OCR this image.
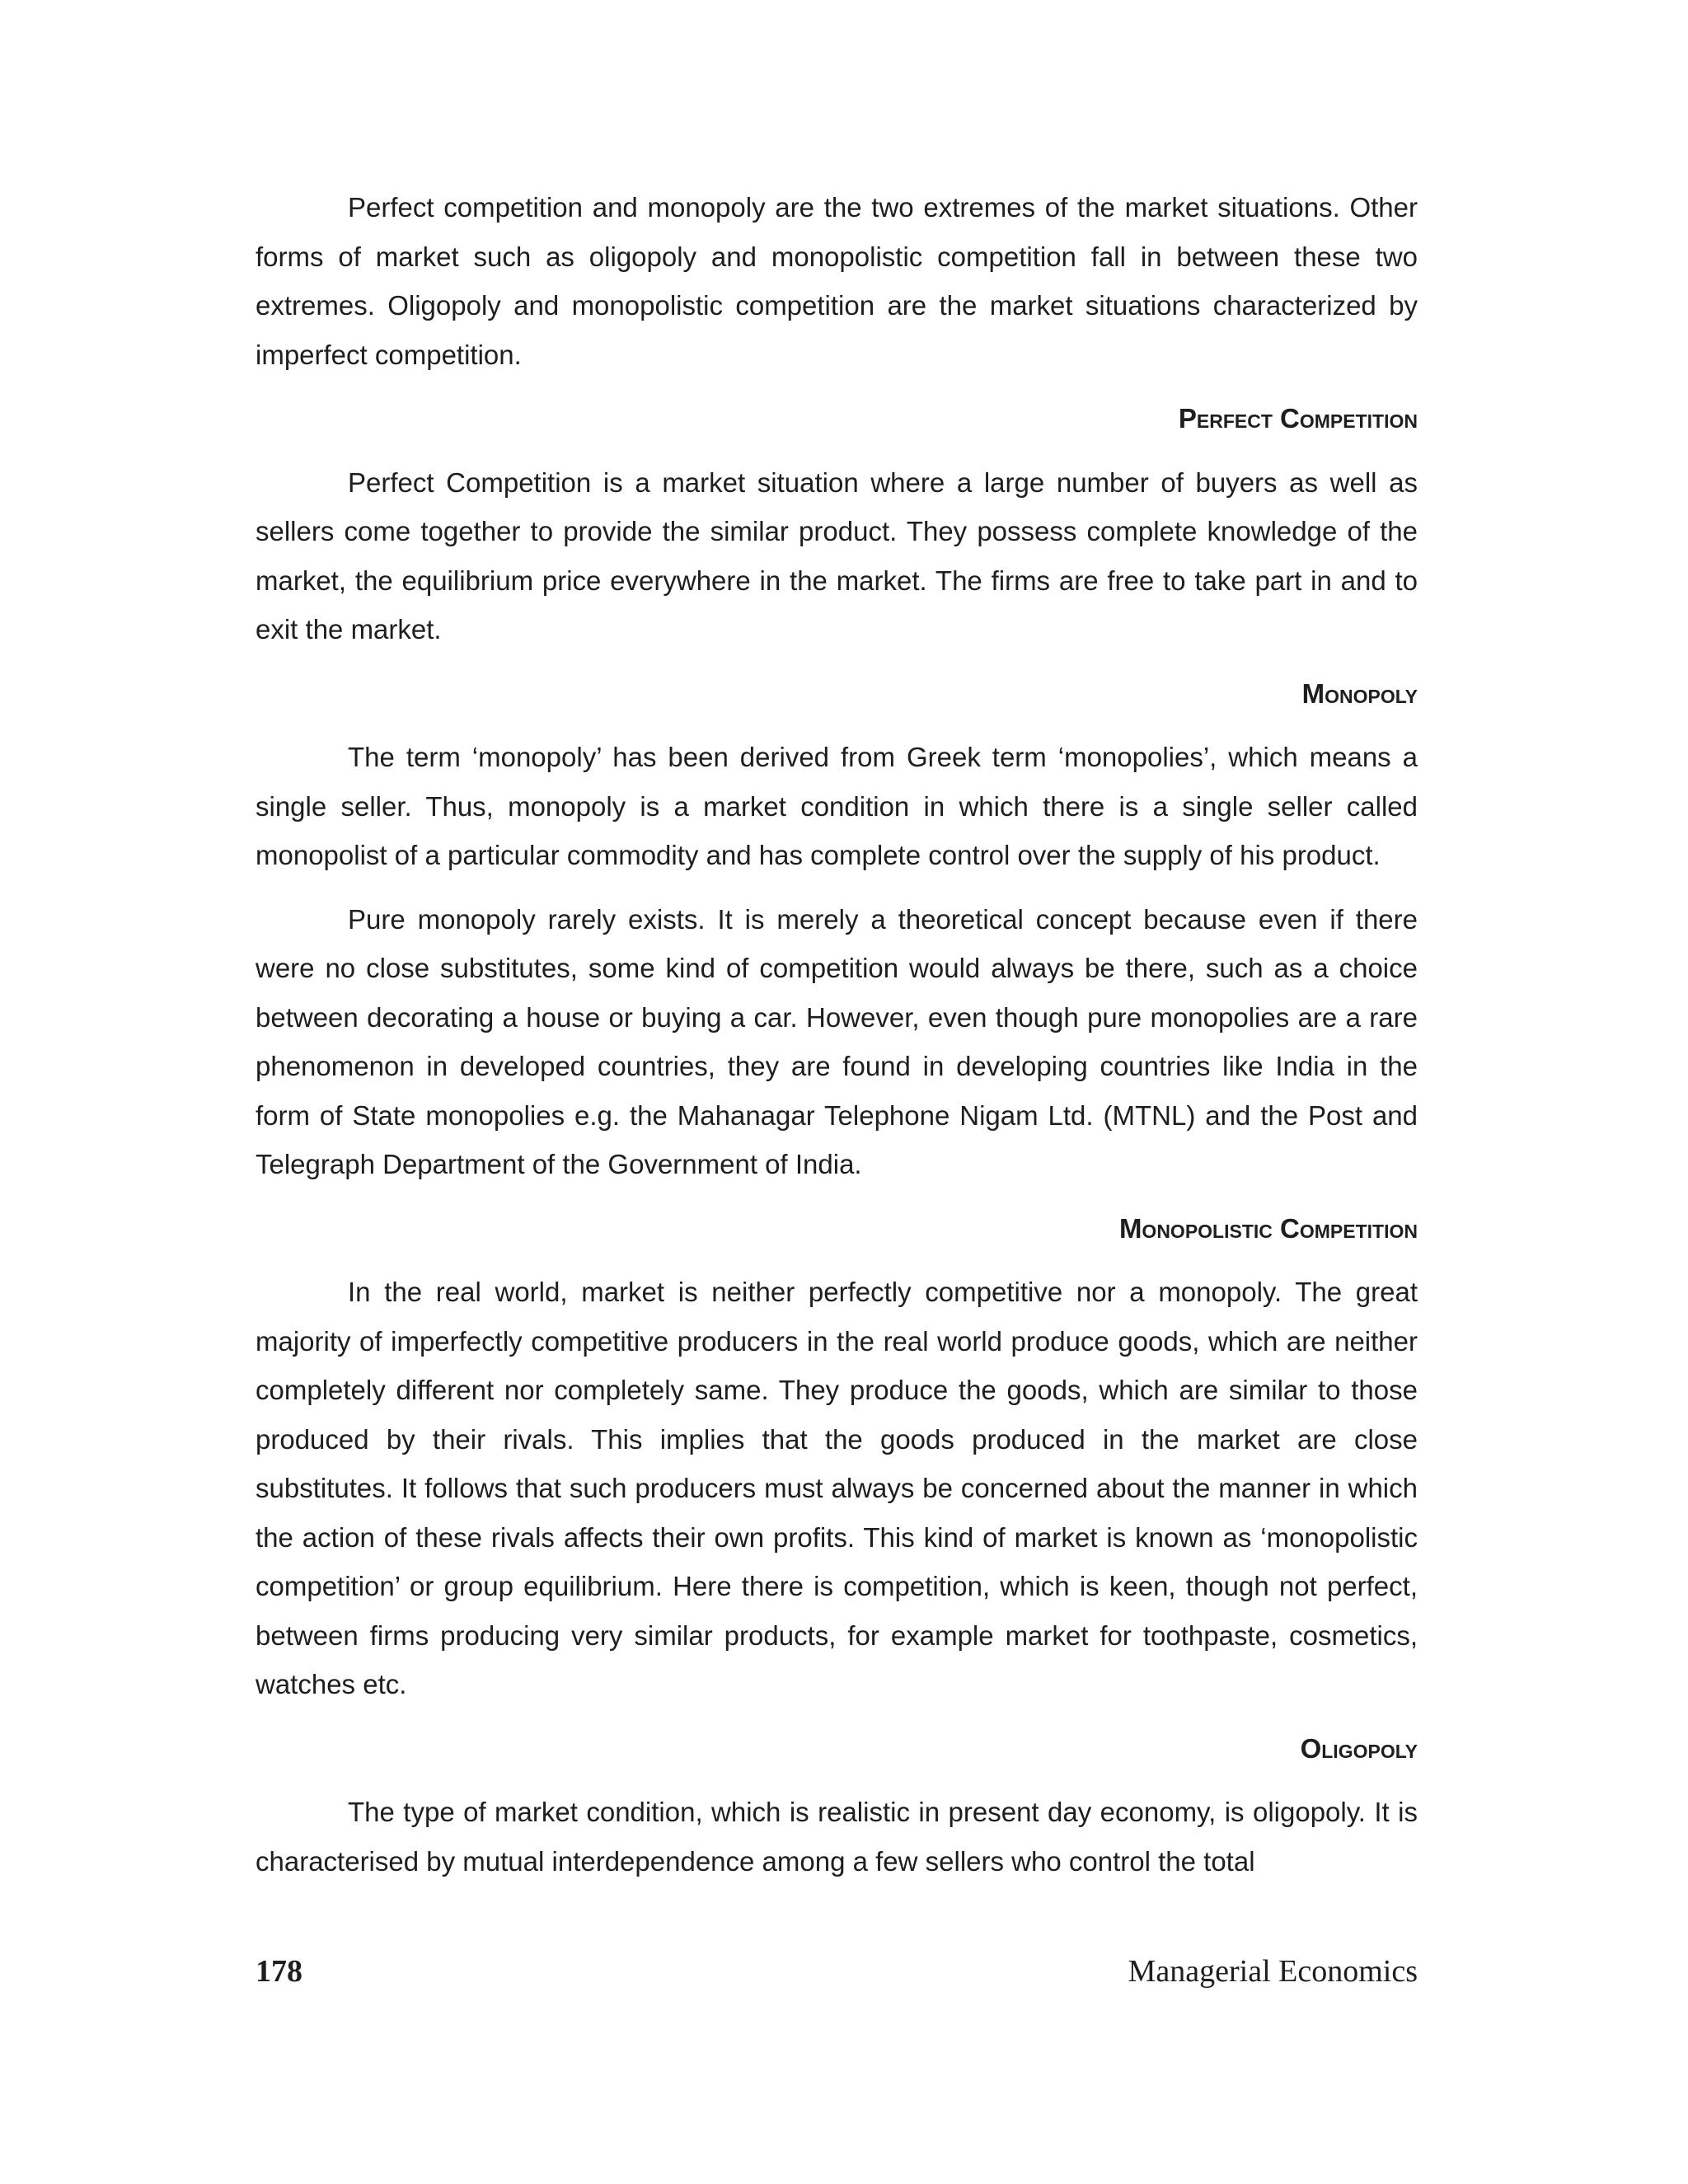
Perfect competition and monopoly are the two extremes of the market situations. Other forms of market such as oligopoly and monopolistic competition fall in between these two extremes. Oligopoly and monopolistic competition are the market situations characterized by imperfect competition.

Perfect Competition

Perfect Competition is a market situation where a large number of buyers as well as sellers come together to provide the similar product. They possess complete knowledge of the market, the equilibrium price everywhere in the market. The firms are free to take part in and to exit the market.

Monopoly

The term ‘monopoly’ has been derived from Greek term ‘monopolies’, which means a single seller. Thus, monopoly is a market condition in which there is a single seller called monopolist of a particular commodity and has complete control over the supply of his product.

Pure monopoly rarely exists. It is merely a theoretical concept because even if there were no close substitutes, some kind of competition would always be there, such as a choice between decorating a house or buying a car. However, even though pure monopolies are a rare phenomenon in developed countries, they are found in developing countries like India in the form of State monopolies e.g. the Mahanagar Telephone Nigam Ltd. (MTNL) and the Post and Telegraph Department of the Government of India.

Monopolistic Competition

In the real world, market is neither perfectly competitive nor a monopoly. The great majority of imperfectly competitive producers in the real world produce goods, which are neither completely different nor completely same. They produce the goods, which are similar to those produced by their rivals. This implies that the goods produced in the market are close substitutes. It follows that such producers must always be concerned about the manner in which the action of these rivals affects their own profits. This kind of market is known as ‘monopolistic competition’ or group equilibrium. Here there is competition, which is keen, though not perfect, between firms producing very similar products, for example market for toothpaste, cosmetics, watches etc.

Oligopoly

The type of market condition, which is realistic in present day economy, is oligopoly. It is characterised by mutual interdependence among a few sellers who control the total

178	Managerial Economics
